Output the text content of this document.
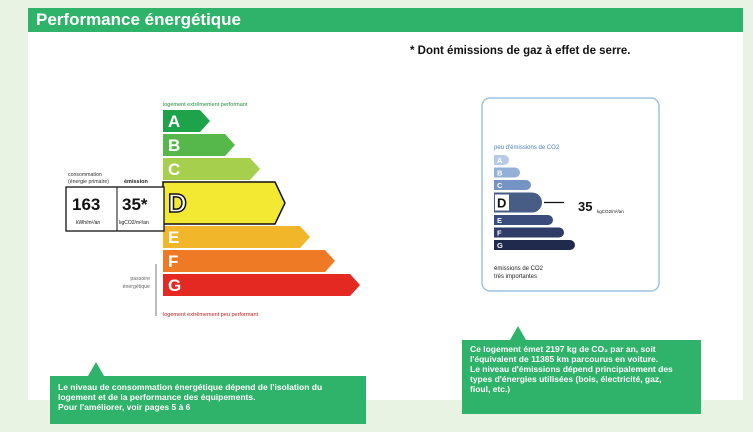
Performance énergétique
* Dont émissions de gaz à effet de serre.
logement extrêmement performant
A
B
C
D
E
F
G
logement extrêmement peu performant
consommation
(énergie primaire)	émission
163 35*
kWh/m²/an	kgCO2/m²/an
passoire
énergétique
peu d'émissions de CO2
A
B
C
D
E
F
G
35 kgCO2/m²/an
émissions de CO2
très importantes
Le niveau de consommation énergétique dépend de l'isolation du
logement et de la performance des équipements.
Pour l'améliorer, voir pages 5 à 6
Ce logement émet 2197 kg de CO₂ par an, soit
l'équivalent de 11385 km parcourus en voiture.
Le niveau d'émissions dépend principalement des
types d'énergies utilisées (bois, électricité, gaz,
fioul, etc.)
